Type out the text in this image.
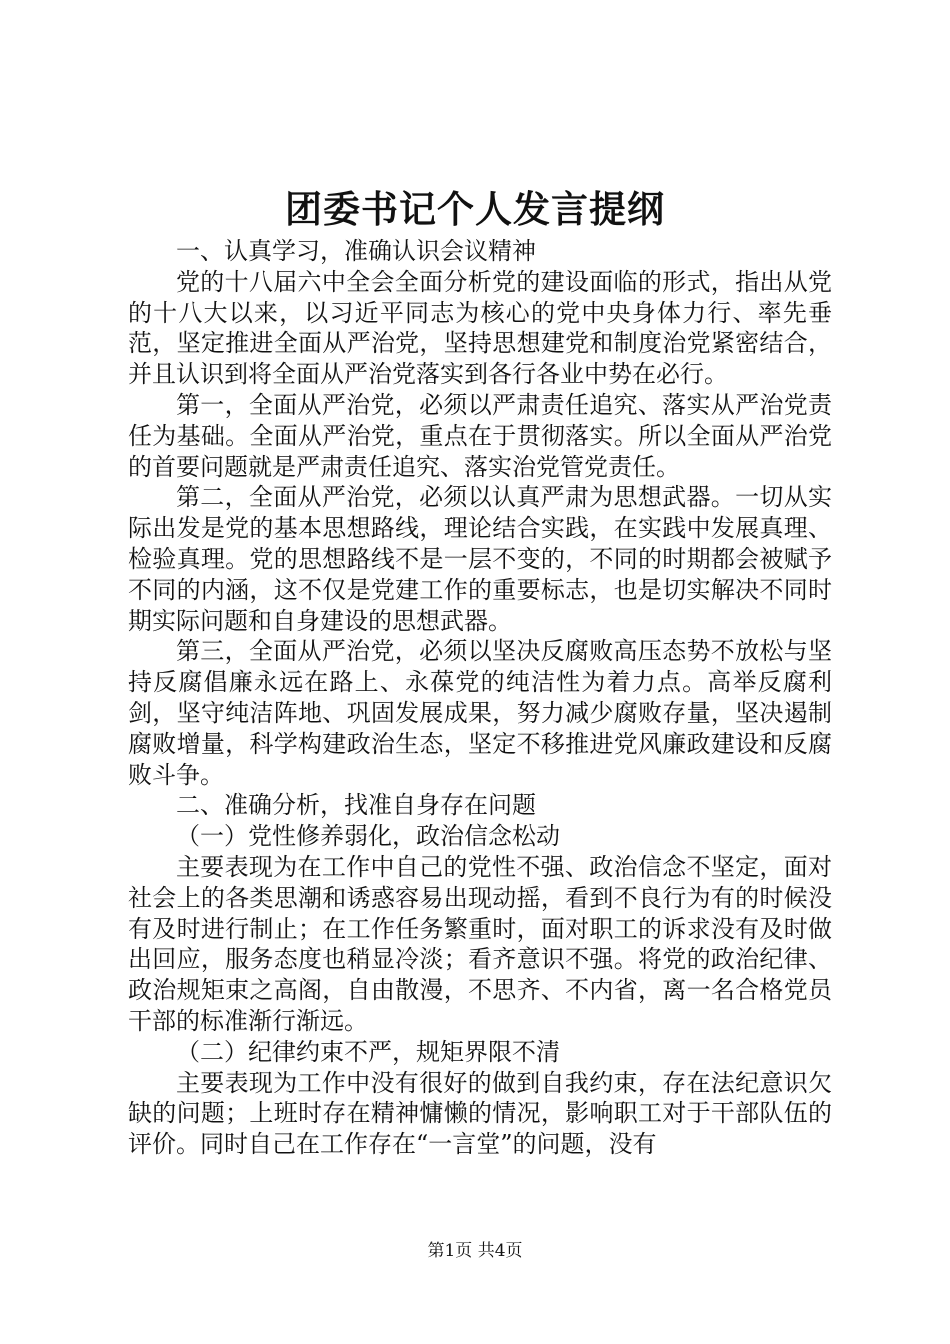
团委书记个人发言提纲

一、认真学习，准确认识会议精神

党的十八届六中全会全面分析党的建设面临的形式，指出从党的十八大以来，以习近平同志为核心的党中央身体力行、率先垂范，坚定推进全面从严治党，坚持思想建党和制度治党紧密结合，并且认识到将全面从严治党落实到各行各业中势在必行。

第一，全面从严治党，必须以严肃责任追究、落实从严治党责任为基础。全面从严治党，重点在于贯彻落实。所以全面从严治党的首要问题就是严肃责任追究、落实治党管党责任。

第二，全面从严治党，必须以认真严肃为思想武器。一切从实际出发是党的基本思想路线，理论结合实践，在实践中发展真理、检验真理。党的思想路线不是一层不变的，不同的时期都会被赋予不同的内涵，这不仅是党建工作的重要标志，也是切实解决不同时期实际问题和自身建设的思想武器。

第三，全面从严治党，必须以坚决反腐败高压态势不放松与坚持反腐倡廉永远在路上、永葆党的纯洁性为着力点。高举反腐利剑，坚守纯洁阵地、巩固发展成果，努力减少腐败存量，坚决遏制腐败增量，科学构建政治生态，坚定不移推进党风廉政建设和反腐败斗争。

二、准确分析，找准自身存在问题

（一）党性修养弱化，政治信念松动

主要表现为在工作中自己的党性不强、政治信念不坚定，面对社会上的各类思潮和诱惑容易出现动摇，看到不良行为有的时候没有及时进行制止；在工作任务繁重时，面对职工的诉求没有及时做出回应，服务态度也稍显冷淡；看齐意识不强。将党的政治纪律、政治规矩束之高阁，自由散漫，不思齐、不内省，离一名合格党员干部的标准渐行渐远。

（二）纪律约束不严，规矩界限不清

主要表现为工作中没有很好的做到自我约束，存在法纪意识欠缺的问题；上班时存在精神慵懒的情况，影响职工对于干部队伍的评价。同时自己在工作存在“一言堂”的问题，没有

第1页 共4页
